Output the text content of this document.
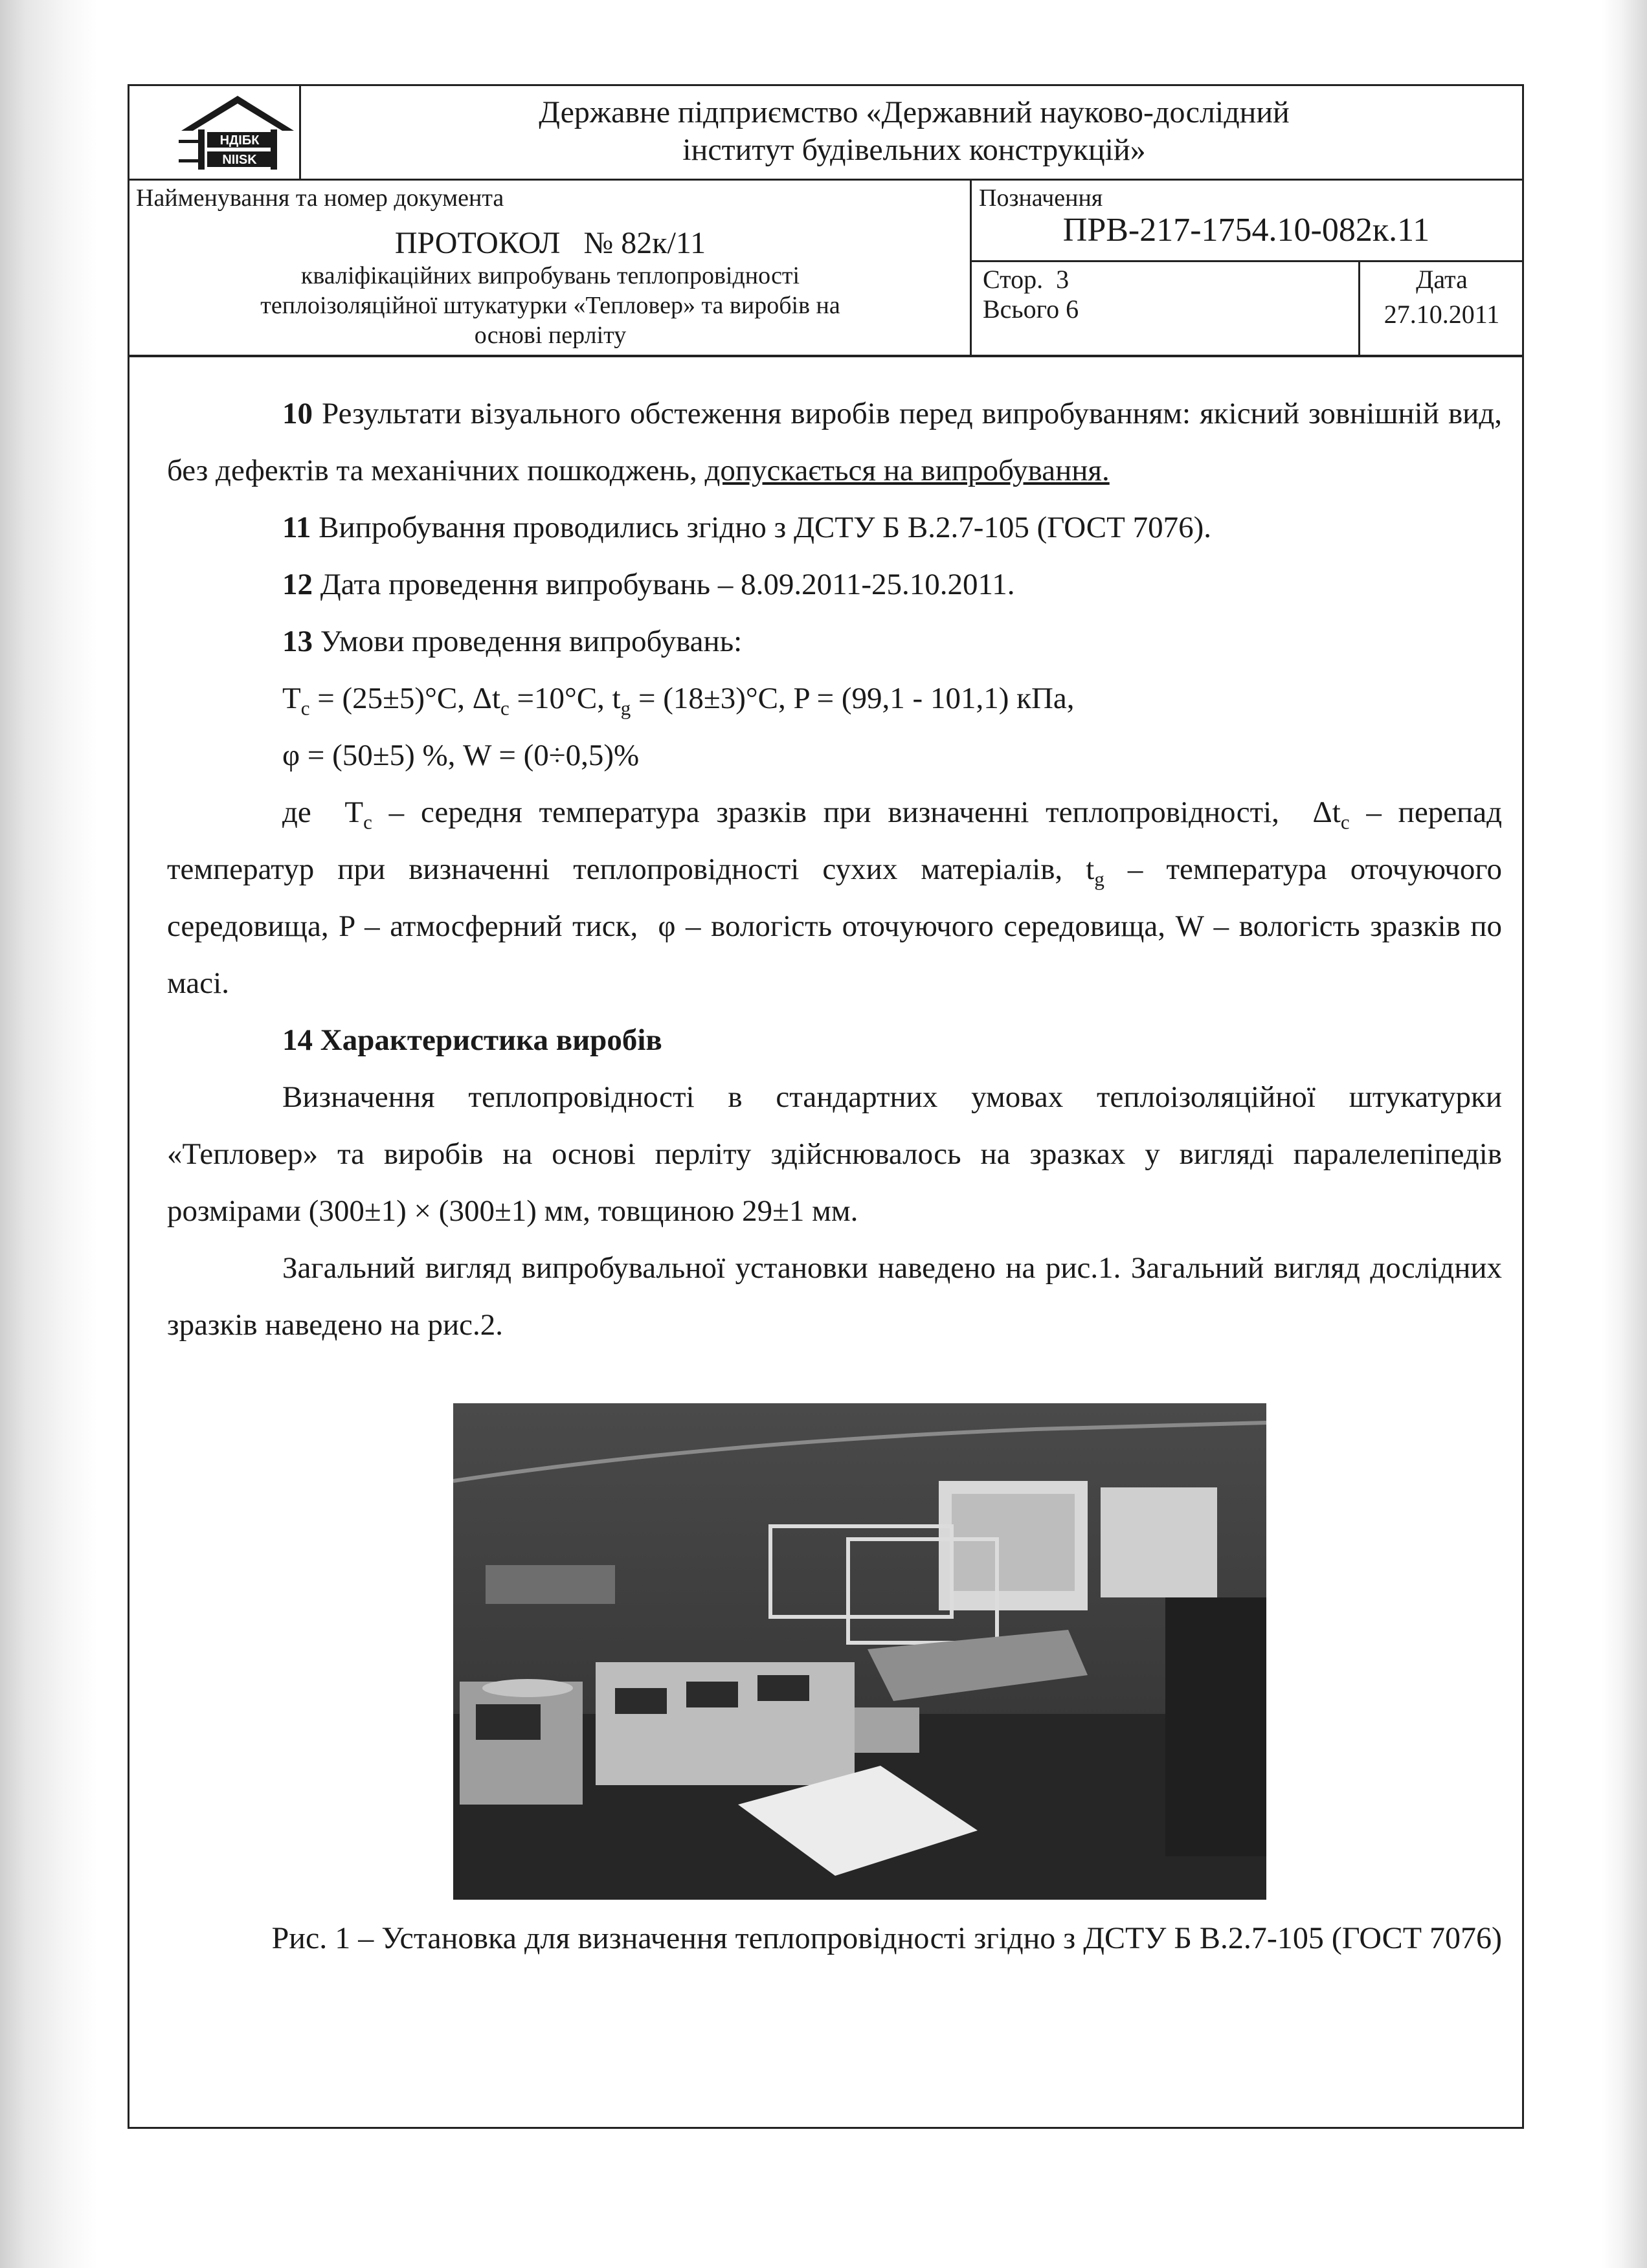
НДІБК
NIISK
Державне підприємство «Державний науково-дослідний
інститут будівельних конструкцій»
Найменування та номер документа
ПРОТОКОЛ   № 82к/11
кваліфікаційних випробувань теплопровідності
теплоізоляційної штукатурки «Тепловер» та виробів на
основі перліту
Позначення
ПРВ-217-1754.10-082к.11
Стор.  3
Всього 6
Дата
27.10.2011

10 Результати візуального обстеження виробів перед випробуванням: якісний зовнішній вид, без дефектів та механічних пошкоджень, допускається на випробування.

11 Випробування проводились згідно з ДСТУ Б В.2.7-105 (ГОСТ 7076).

12 Дата проведення випробувань – 8.09.2011-25.10.2011.

13 Умови проведення випробувань:

$T_c = (25\pm 5)^\circ C$, $\Delta t_c =10^\circ C$, $t_g = (18\pm 3)^\circ C$, P = (99,1 - 101,1) кПа,

φ = (50±5) %, W = (0÷0,5)%

де  $T_c$ – середня температура зразків при визначенні теплопровідності,  $\Delta t_c$ – перепад температур при визначенні теплопровідності сухих матеріалів, $t_g$ – температура оточуючого середовища, P – атмосферний тиск,  φ – вологість оточуючого середовища, W – вологість зразків по масі.

14 Характеристика виробів

Визначення теплопровідності в стандартних умовах теплоізоляційної штукатурки «Тепловер» та виробів на основі перліту здійснювалось на зразках у вигляді паралелепіпедів розмірами (300±1) × (300±1) мм, товщиною 29±1 мм.

Загальний вигляд випробувальної установки наведено на рис.1. Загальний вигляд дослідних зразків наведено на рис.2.

Рис. 1 – Установка для визначення теплопровідності згідно з ДСТУ Б В.2.7-105 (ГОСТ 7076)
